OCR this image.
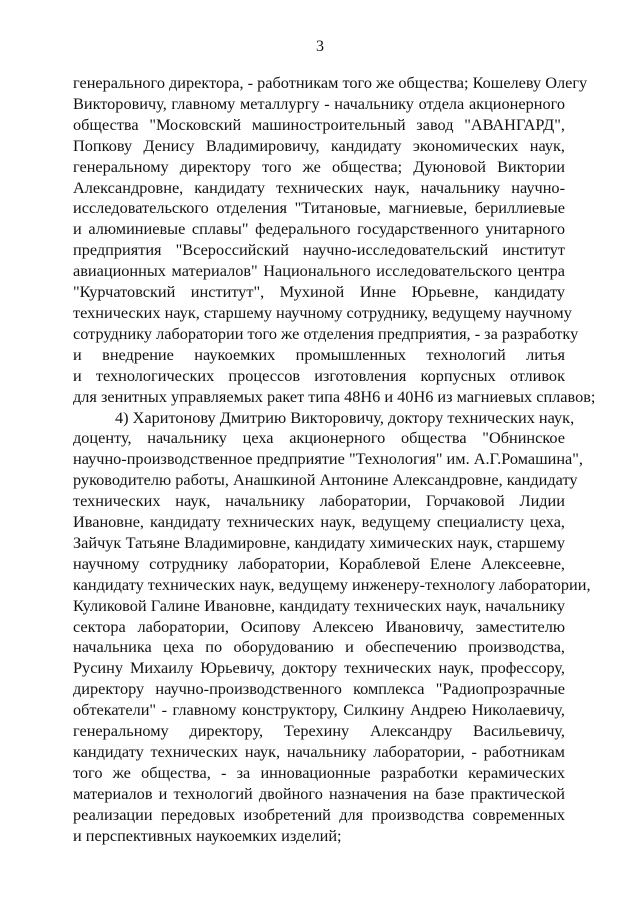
3

генерального директора, - работникам того же общества; Кошелеву Олегу
Викторовичу, главному металлургу - начальнику отдела акционерного
общества "Московский машиностроительный завод "АВАНГАРД",
Попкову Денису Владимировичу, кандидату экономических наук,
генеральному директору того же общества; Дуюновой Виктории
Александровне, кандидату технических наук, начальнику научно-
исследовательского отделения "Титановые, магниевые, бериллиевые
и алюминиевые сплавы" федерального государственного унитарного
предприятия "Всероссийский научно-исследовательский институт
авиационных материалов" Национального исследовательского центра
"Курчатовский институт", Мухиной Инне Юрьевне, кандидату
технических наук, старшему научному сотруднику, ведущему научному
сотруднику лаборатории того же отделения предприятия, - за разработку
и внедрение наукоемких промышленных технологий литья
и технологических процессов изготовления корпусных отливок
для зенитных управляемых ракет типа 48Н6 и 40Н6 из магниевых сплавов;

4) Харитонову Дмитрию Викторовичу, доктору технических наук,
доценту, начальнику цеха акционерного общества "Обнинское
научно-производственное предприятие "Технология" им. А.Г.Ромашина",
руководителю работы, Анашкиной Антонине Александровне, кандидату
технических наук, начальнику лаборатории, Горчаковой Лидии
Ивановне, кандидату технических наук, ведущему специалисту цеха,
Зайчук Татьяне Владимировне, кандидату химических наук, старшему
научному сотруднику лаборатории, Кораблевой Елене Алексеевне,
кандидату технических наук, ведущему инженеру-технологу лаборатории,
Куликовой Галине Ивановне, кандидату технических наук, начальнику
сектора лаборатории, Осипову Алексею Ивановичу, заместителю
начальника цеха по оборудованию и обеспечению производства,
Русину Михаилу Юрьевичу, доктору технических наук, профессору,
директору научно-производственного комплекса "Радиопрозрачные
обтекатели" - главному конструктору, Силкину Андрею Николаевичу,
генеральному директору, Терехину Александру Васильевичу,
кандидату технических наук, начальнику лаборатории, - работникам
того же общества, - за инновационные разработки керамических
материалов и технологий двойного назначения на базе практической
реализации передовых изобретений для производства современных
и перспективных наукоемких изделий;
